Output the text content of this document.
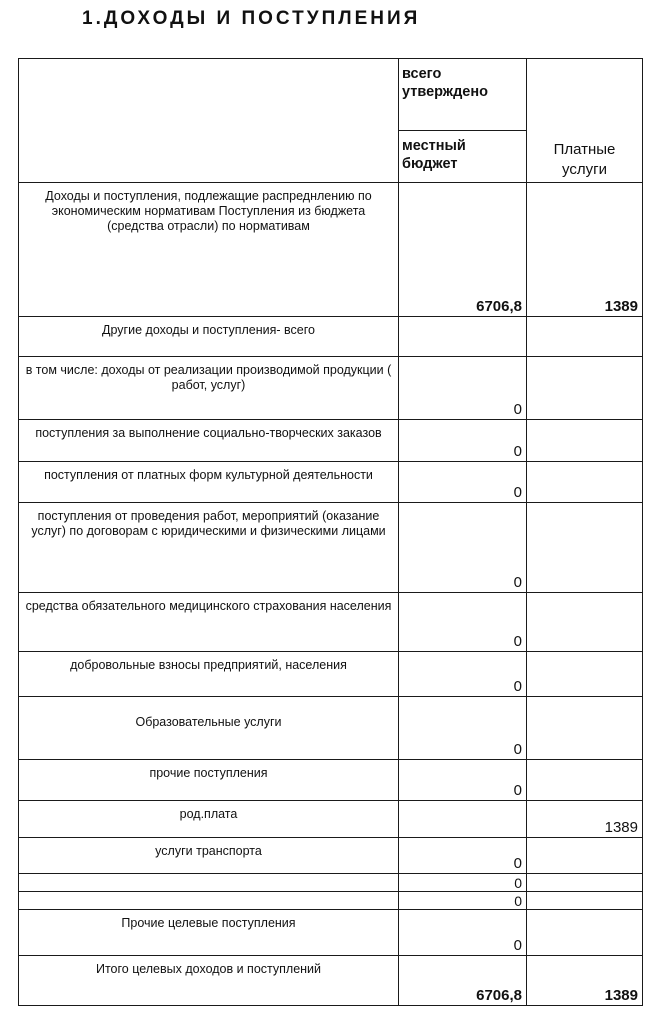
1.ДОХОДЫ И ПОСТУПЛЕНИЯ
	всего утверждено	Платные услуги
	местный бюджет	
Доходы и поступления, подлежащие распреднлению по экономическим нормативам Поступления из бюджета (средства отрасли) по нормативам	6706,8	1389
Другие доходы и поступления- всего		
в том числе: доходы от реализации производимой продукции ( работ, услуг)	0	
поступления за выполнение социально-творческих заказов	0	
поступления от платных форм культурной деятельности	0	
поступления от проведения работ, мероприятий (оказание услуг) по договорам с юридическими и физическими лицами	0	
средства обязательного медицинского страхования населения	0	
добровольные взносы предприятий, населения	0	
Образовательные услуги	0	
прочие поступления	0	
род.плата		1389
услуги транспорта	0	
	0	
	0	
Прочие целевые поступления	0	
Итого целевых доходов и поступлений	6706,8	1389
